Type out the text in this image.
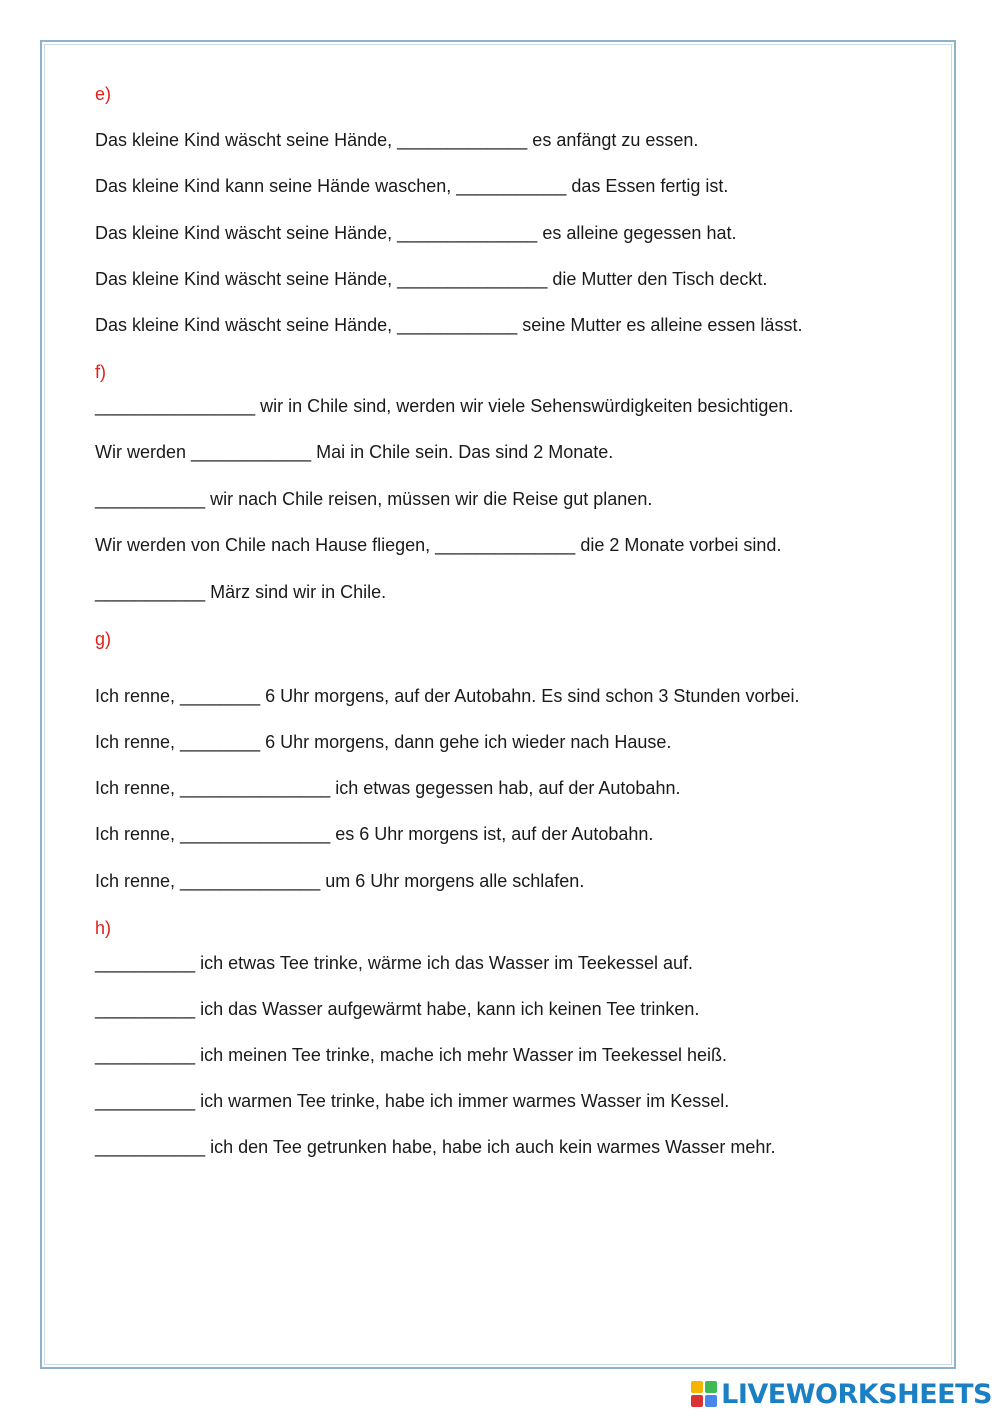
e)
Das kleine Kind wäscht seine Hände, _____________ es anfängt zu essen.
Das kleine Kind kann seine Hände waschen, ___________ das Essen fertig ist.
Das kleine Kind wäscht seine Hände, ______________ es alleine gegessen hat.
Das kleine Kind wäscht seine Hände, _______________ die Mutter den Tisch deckt.
Das kleine Kind wäscht seine Hände, ____________ seine Mutter es alleine essen lässt.
f)
________________ wir in Chile sind, werden wir viele Sehenswürdigkeiten besichtigen.
Wir werden ____________ Mai in Chile sein. Das sind 2 Monate.
___________ wir nach Chile reisen, müssen wir die Reise gut planen.
Wir werden von Chile nach Hause fliegen, ______________ die 2 Monate vorbei sind.
___________ März sind wir in Chile.
g)
Ich renne, ________ 6 Uhr morgens, auf der Autobahn. Es sind schon 3 Stunden vorbei.
Ich renne, ________ 6 Uhr morgens, dann gehe ich wieder nach Hause.
Ich renne, _______________ ich etwas gegessen hab, auf der Autobahn.
Ich renne, _______________ es 6 Uhr morgens ist, auf der Autobahn.
Ich renne, ______________ um 6 Uhr morgens alle schlafen.
h)
__________ ich etwas Tee trinke, wärme ich das Wasser im Teekessel auf.
__________ ich das Wasser aufgewärmt habe, kann ich keinen Tee trinken.
__________ ich meinen Tee trinke, mache ich mehr Wasser im Teekessel heiß.
__________ ich warmen Tee trinke, habe ich immer warmes Wasser im Kessel.
___________ ich den Tee getrunken habe, habe ich auch kein warmes Wasser mehr.
LIVEWORKSHEETS
